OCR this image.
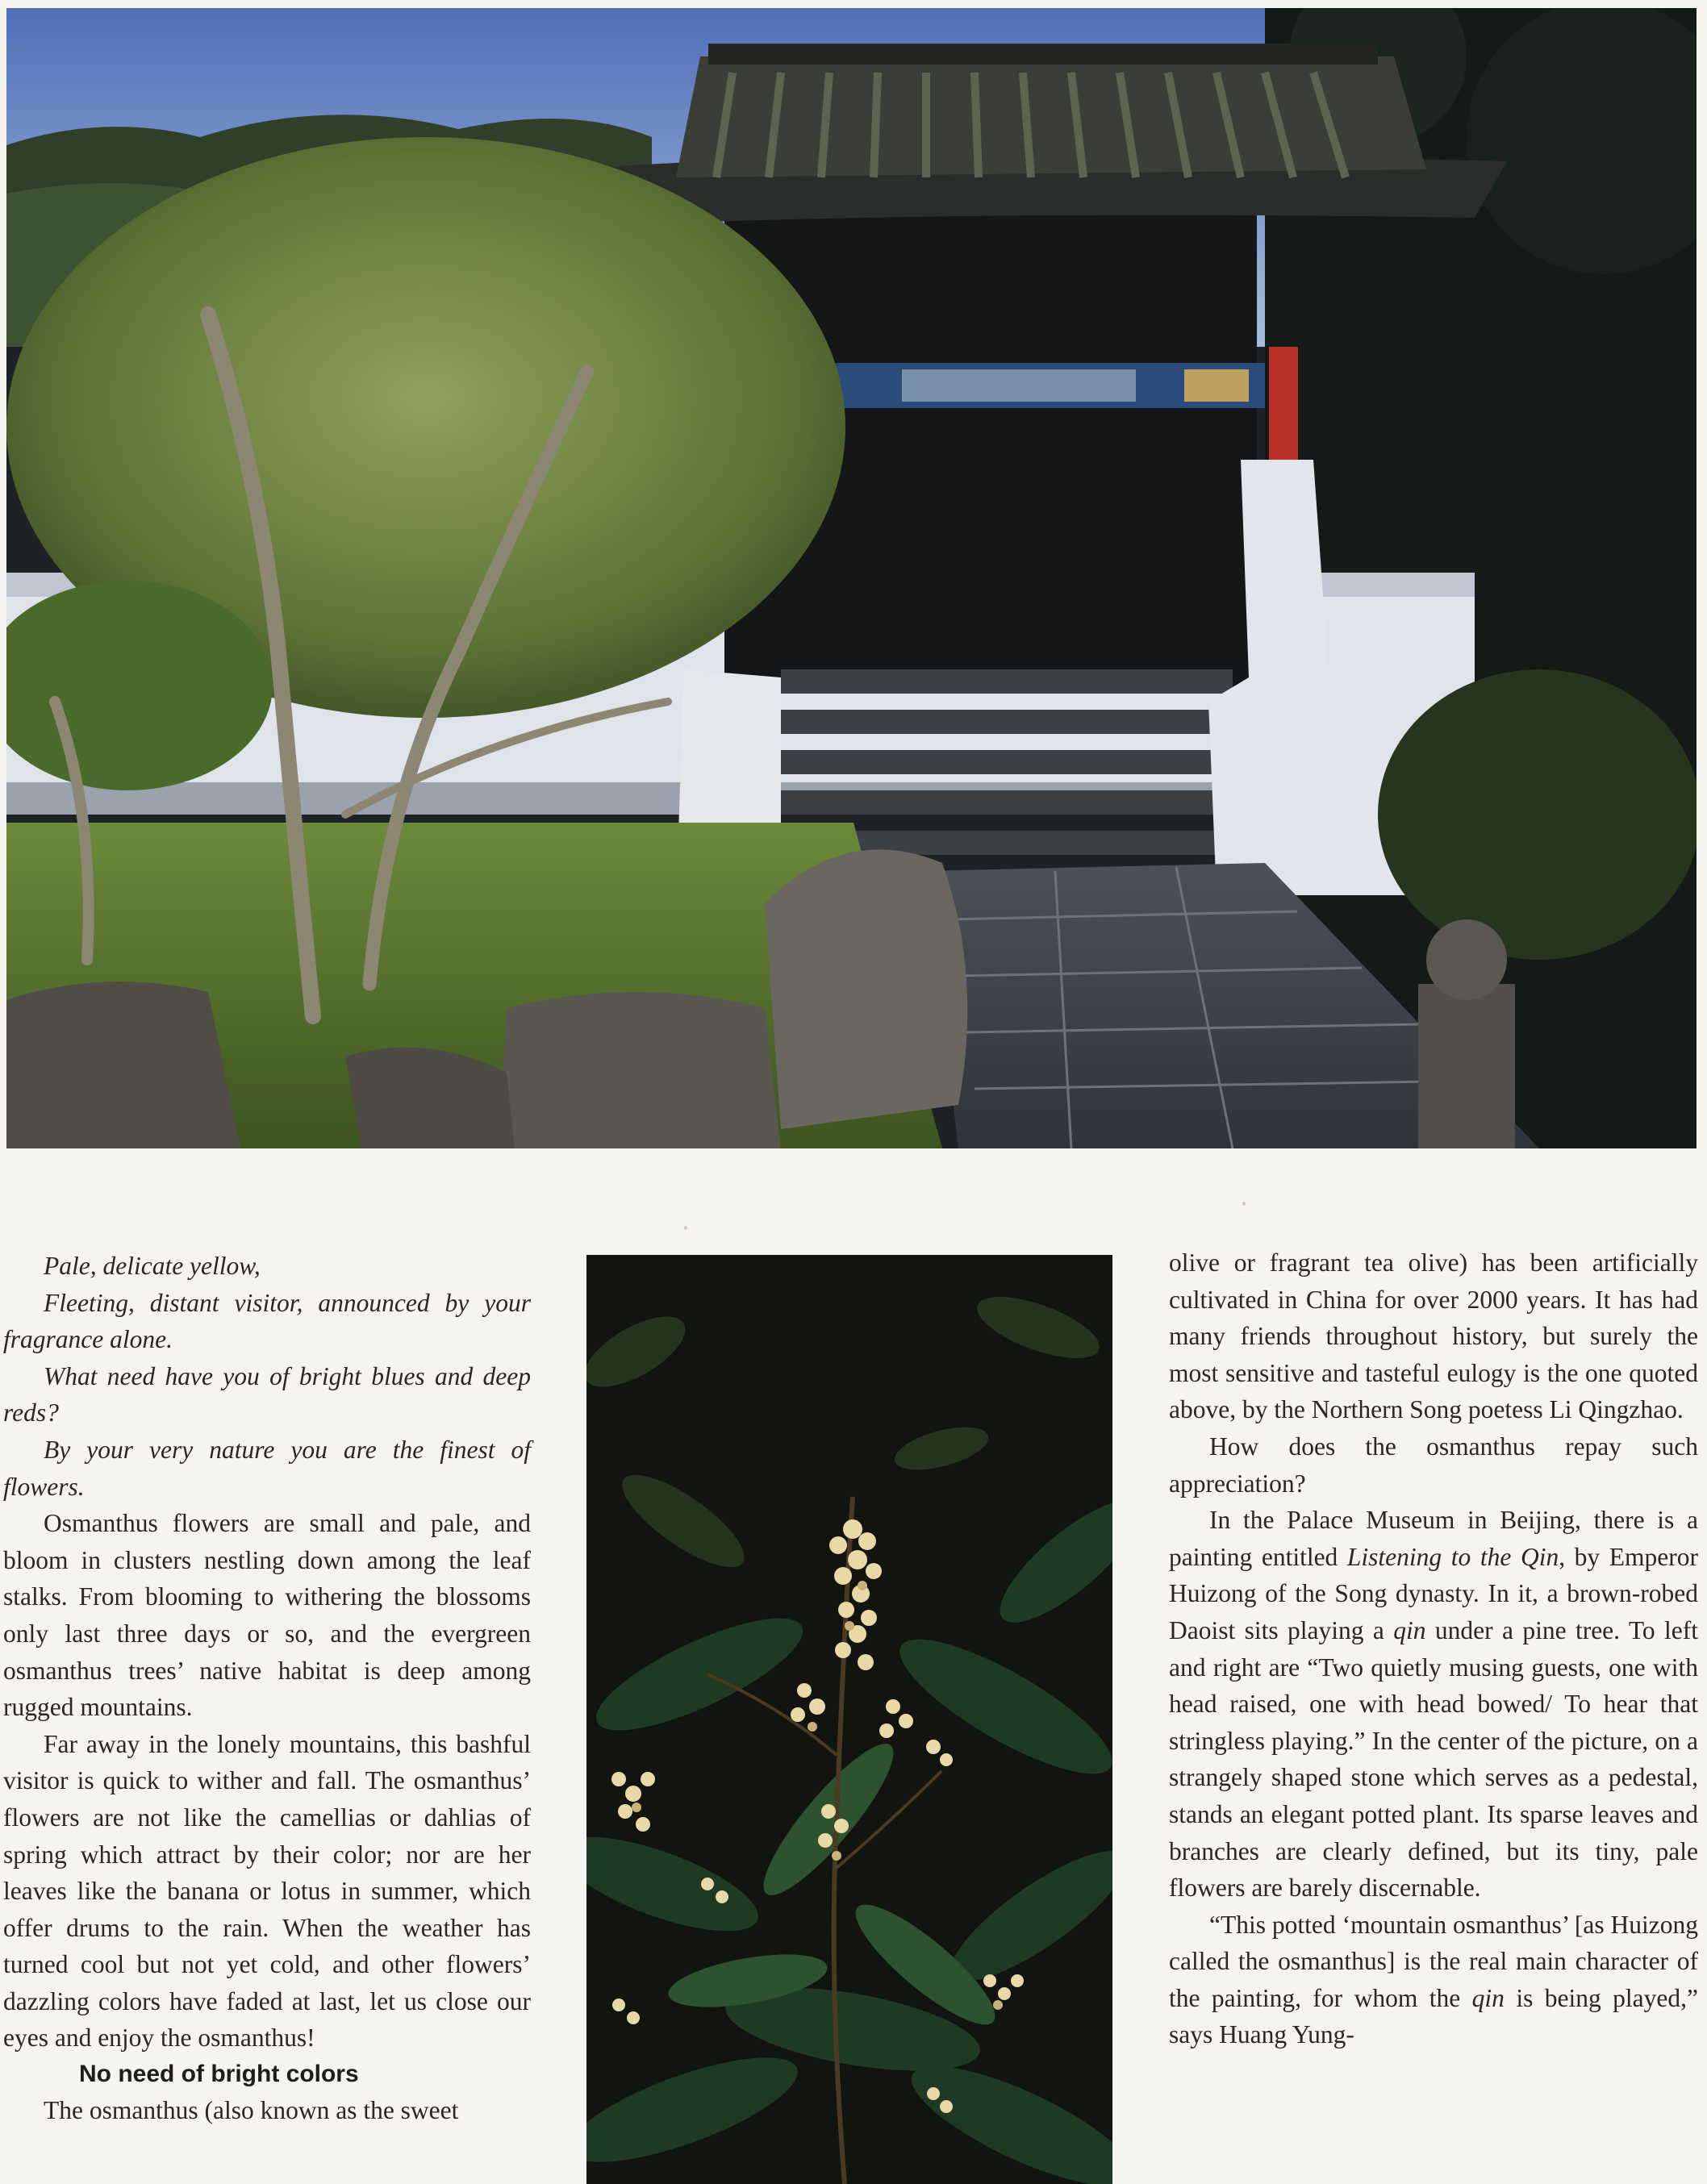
Pale, delicate yellow,

Fleeting, distant visitor, announced by your fragrance alone.

What need have you of bright blues and deep reds?

By your very nature you are the finest of flowers.

Osmanthus flowers are small and pale, and bloom in clusters nestling down among the leaf stalks. From blooming to withering the blossoms only last three days or so, and the evergreen osmanthus trees’ native habitat is deep among rugged mountains.

Far away in the lonely mountains, this bashful visitor is quick to wither and fall. The osmanthus’ flowers are not like the camellias or dahlias of spring which attract by their color; nor are her leaves like the banana or lotus in summer, which offer drums to the rain. When the weather has turned cool but not yet cold, and other flowers’ dazzling colors have faded at last, let us close our eyes and enjoy the osmanthus!

No need of bright colors

The osmanthus (also known as the sweet

olive or fragrant tea olive) has been artificially cultivated in China for over 2000 years. It has had many friends throughout history, but surely the most sensitive and tasteful eulogy is the one quoted above, by the Northern Song poetess Li Qingzhao.

How does the osmanthus repay such appreciation?

In the Palace Museum in Beijing, there is a painting entitled Listening to the Qin, by Emperor Huizong of the Song dynasty. In it, a brown-robed Daoist sits playing a qin under a pine tree. To left and right are “Two quietly musing guests, one with head raised, one with head bowed/ To hear that stringless playing.” In the center of the picture, on a strangely shaped stone which serves as a pedestal, stands an elegant potted plant. Its sparse leaves and branches are clearly defined, but its tiny, pale flowers are barely discernable.

“This potted ‘mountain osmanthus’ [as Huizong called the osmanthus] is the real main character of the painting, for whom the qin is being played,” says Huang Yung-
